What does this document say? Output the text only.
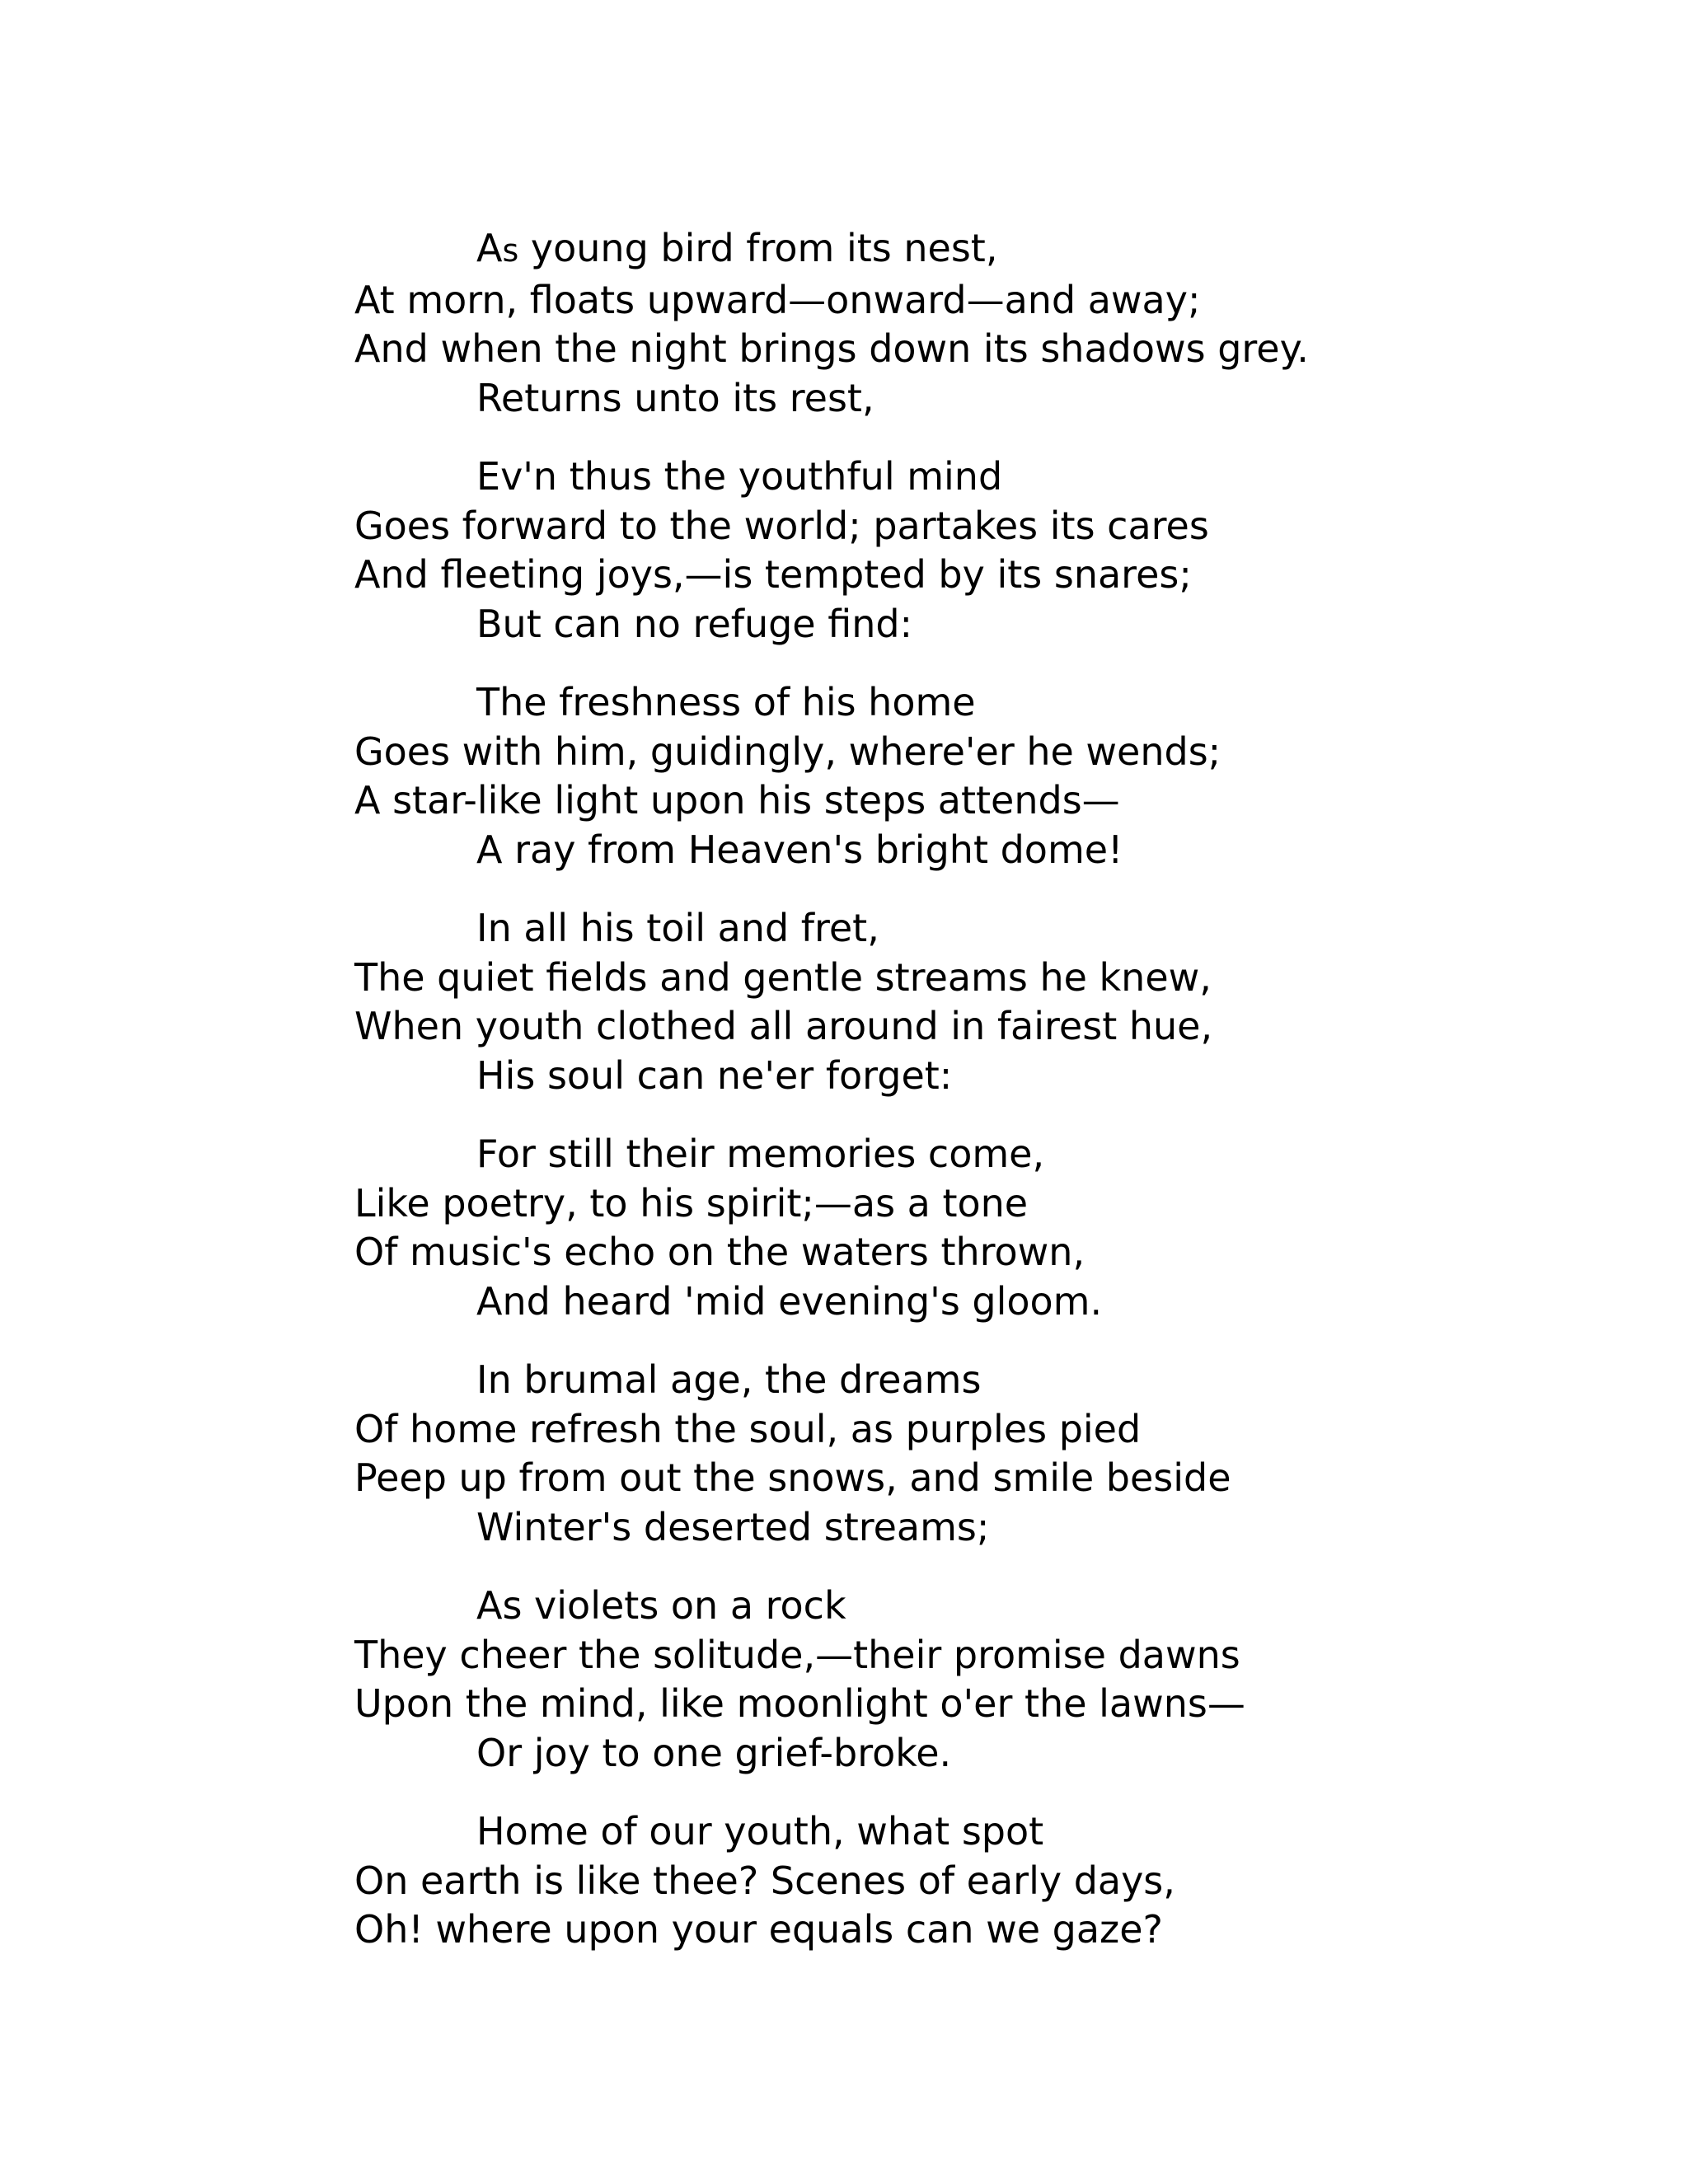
As young bird from its nest,
At morn, floats upward—onward—and away;
And when the night brings down its shadows grey.
Returns unto its rest,
Ev'n thus the youthful mind
Goes forward to the world; partakes its cares
And fleeting joys,—is tempted by its snares;
But can no refuge find:
The freshness of his home
Goes with him, guidingly, where'er he wends;
A star-like light upon his steps attends—
A ray from Heaven's bright dome!
In all his toil and fret,
The quiet fields and gentle streams he knew,
When youth clothed all around in fairest hue,
His soul can ne'er forget:
For still their memories come,
Like poetry, to his spirit;—as a tone
Of music's echo on the waters thrown,
And heard 'mid evening's gloom.
In brumal age, the dreams
Of home refresh the soul, as purples pied
Peep up from out the snows, and smile beside
Winter's deserted streams;
As violets on a rock
They cheer the solitude,—their promise dawns
Upon the mind, like moonlight o'er the lawns—
Or joy to one grief-broke.
Home of our youth, what spot
On earth is like thee? Scenes of early days,
Oh! where upon your equals can we gaze?
